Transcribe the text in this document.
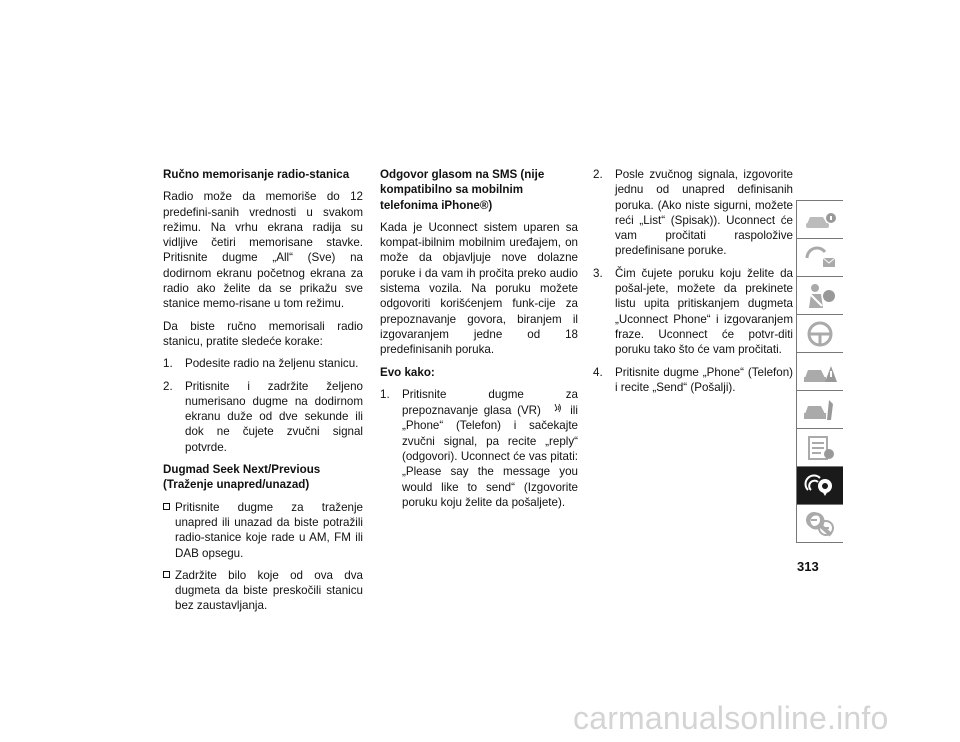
Ručno memorisanje radio-stanica

Radio može da memoriše do 12 predefini-sanih vrednosti u svakom režimu. Na vrhu ekrana radija su vidljive četiri memorisane stavke. Pritisnite dugme „All“ (Sve) na dodirnom ekranu početnog ekrana za radio ako želite da se prikažu sve stanice memo-risane u tom režimu.

Da biste ručno memorisali radio stanicu, pratite sledeće korake:

1. Podesite radio na željenu stanicu.
2. Pritisnite i zadržite željeno numerisano dugme na dodirnom ekranu duže od dve sekunde ili dok ne čujete zvučni signal potvrde.
Dugmad Seek Next/Previous (Traženje unapred/unazad)
Pritisnite dugme za traženje unapred ili unazad da biste potražili radio-stanice koje rade u AM, FM ili DAB opsegu.
Zadržite bilo koje od ova dva dugmeta da biste preskočili stanicu bez zaustavljanja.
Odgovor glasom na SMS (nije kompatibilno sa mobilnim telefonima iPhone®)

Kada je Uconnect sistem uparen sa kompat-ibilnim mobilnim uređajem, on može da objavljuje nove dolazne poruke i da vam ih pročita preko audio sistema vozila. Na poruku možete odgovoriti korišćenjem funk-cije za prepoznavanje govora, biranjem il izgovaranjem jedne od 18 predefinisanih poruka.

Evo kako:
1. Pritisnite dugme za prepoznavanje glasa (VR)	ili „Phone“ (Telefon) i sačekajte zvučni signal, pa recite „reply“ (odgovori). Uconnect će vas pitati: „Please say the message you would like to send“ (Izgovorite poruku koju želite da pošaljete).
2. Posle zvučnog signala, izgovorite jednu od unapred definisanih poruka. (Ako niste sigurni, možete reći „List“ (Spisak)). Uconnect će vam pročitati raspoložive predefinisane poruke.
3. Čim čujete poruku koju želite da pošal-jete, možete da prekinete listu upita pritiskanjem dugmeta „Uconnect Phone“ i izgovaranjem fraze. Uconnect će potvr-diti poruku tako što će vam pročitati.
4. Pritisnite dugme „Phone“ (Telefon) i recite „Send“ (Pošalji).
313
carmanualsonline.info
